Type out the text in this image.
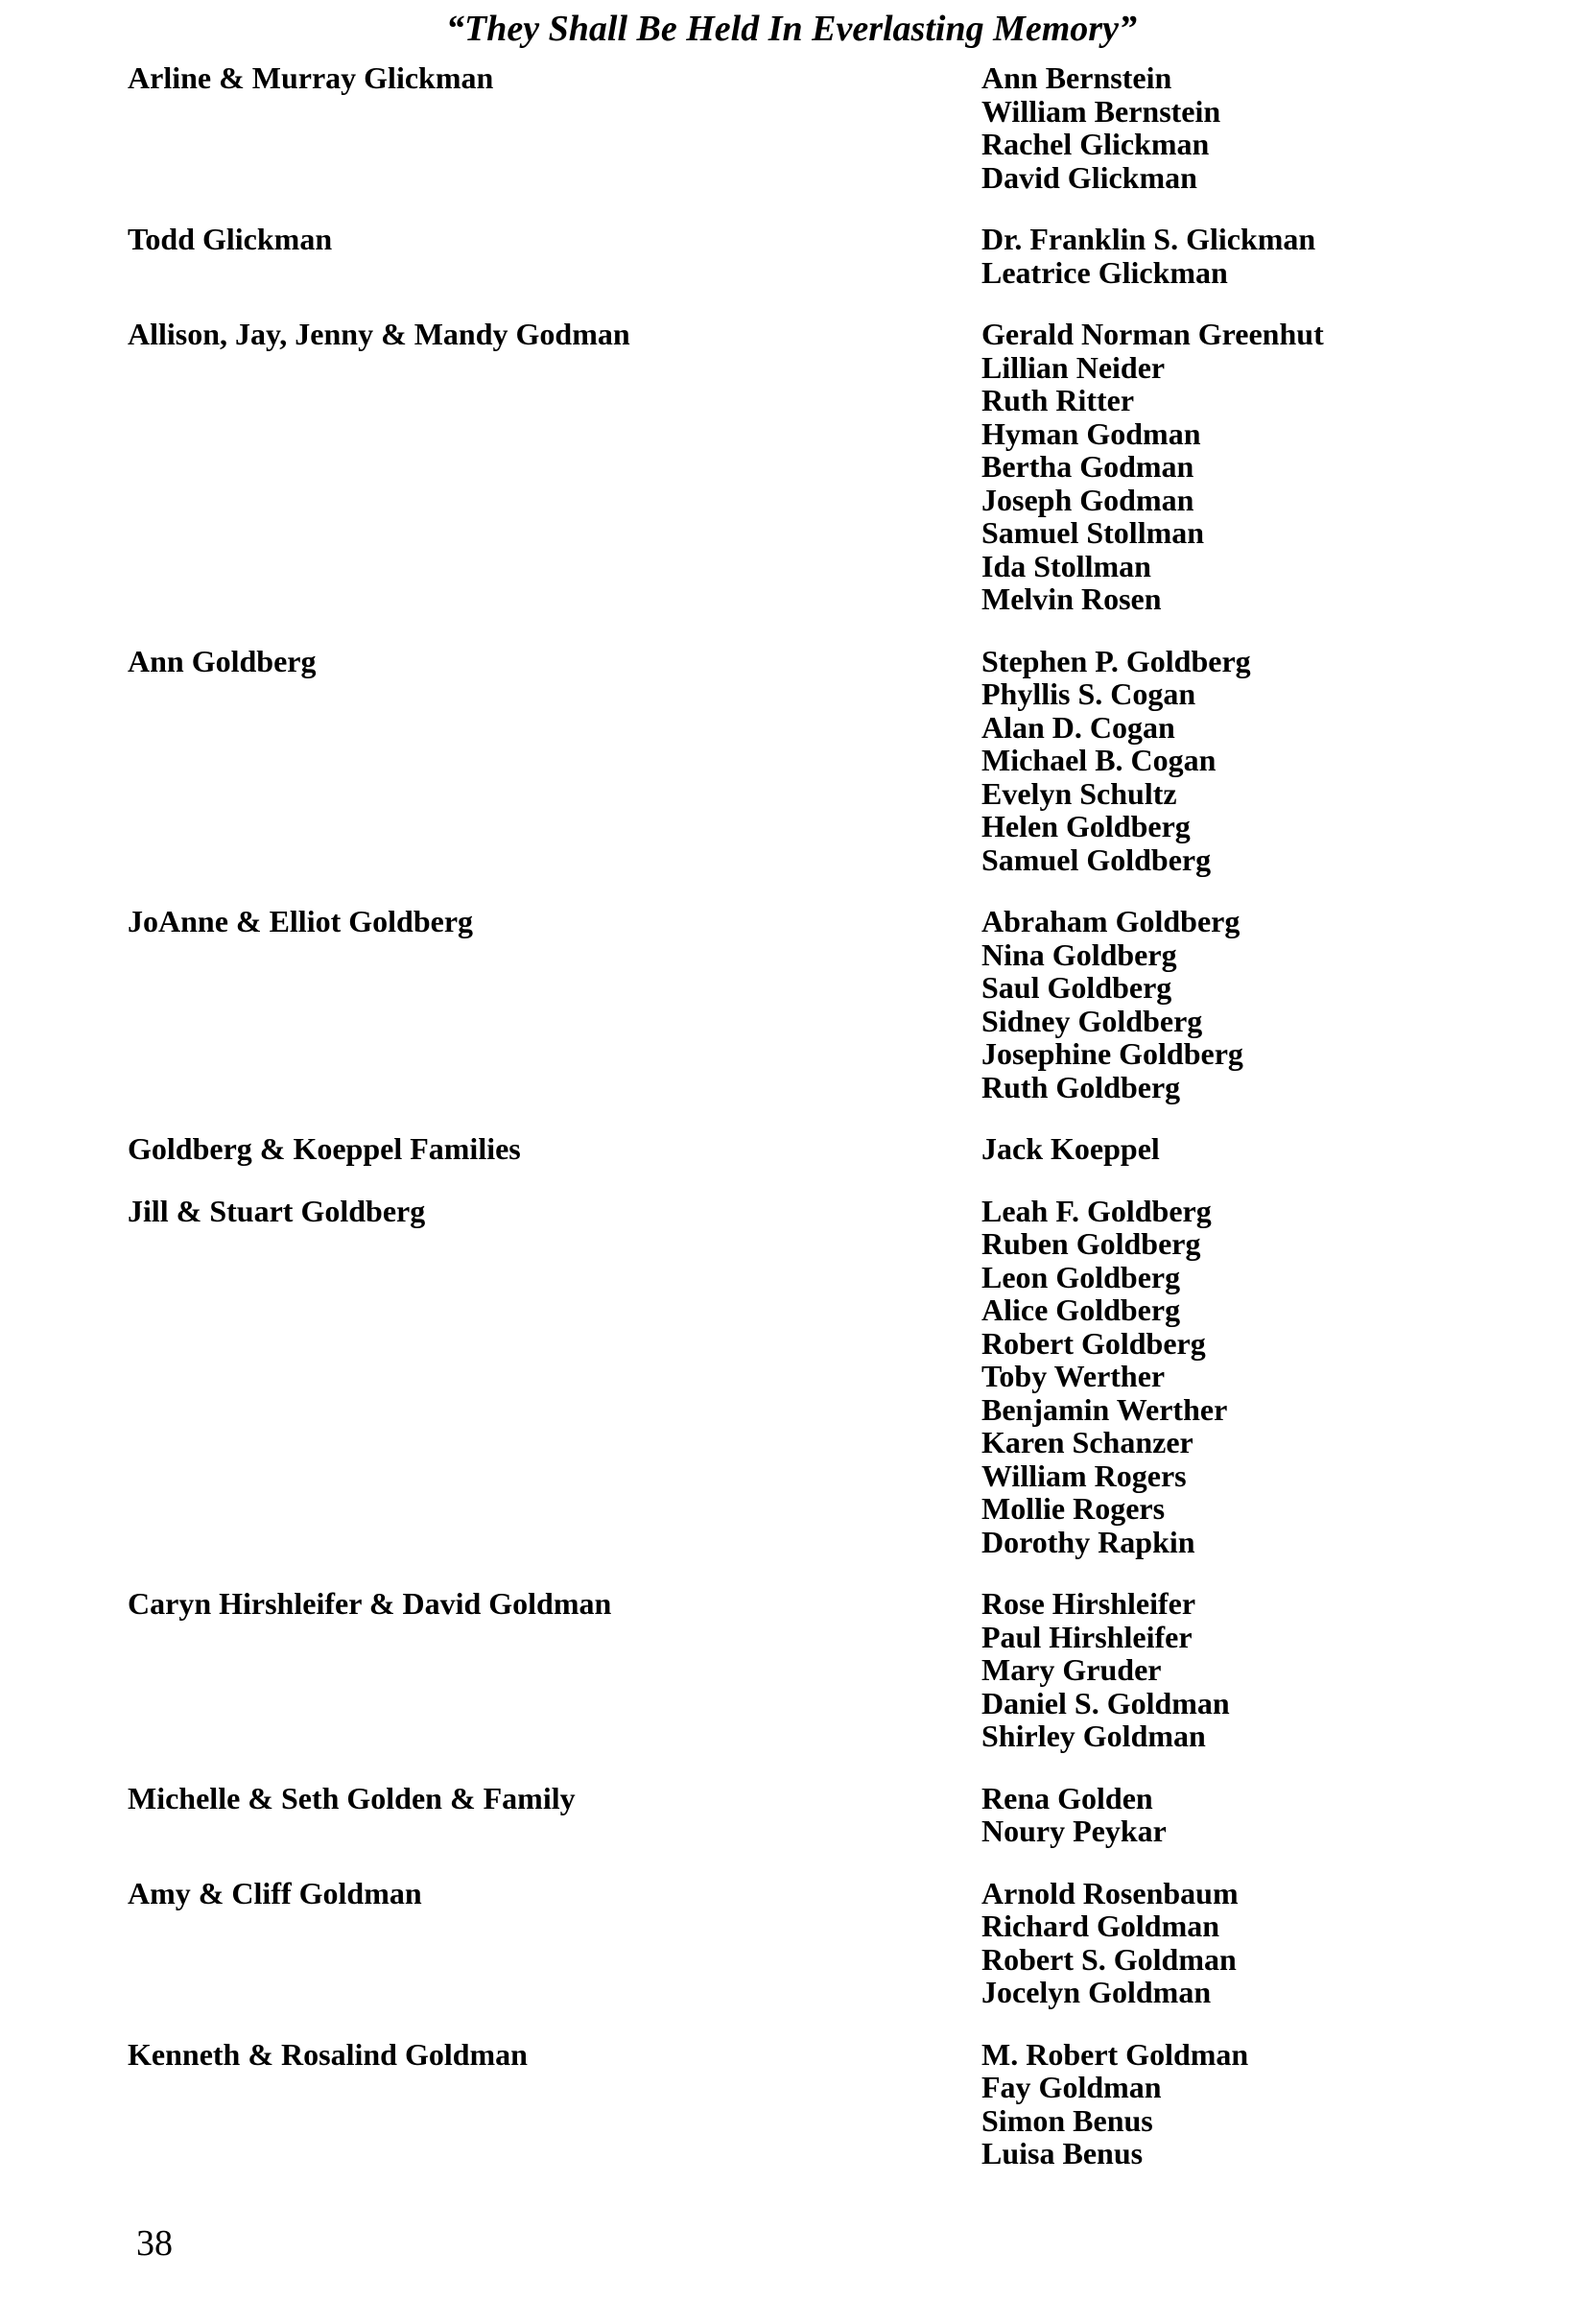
“They Shall Be Held In Everlasting Memory”
Arline & Murray Glickman	Ann Bernstein
William Bernstein
Rachel Glickman
David Glickman
Todd Glickman	Dr. Franklin S. Glickman
Leatrice Glickman
Allison, Jay, Jenny & Mandy Godman	Gerald Norman Greenhut
Lillian Neider
Ruth Ritter
Hyman Godman
Bertha Godman
Joseph Godman
Samuel Stollman
Ida Stollman
Melvin Rosen
Ann Goldberg	Stephen P. Goldberg
Phyllis S. Cogan
Alan D. Cogan
Michael B. Cogan
Evelyn Schultz
Helen Goldberg
Samuel Goldberg
JoAnne & Elliot Goldberg	Abraham Goldberg
Nina Goldberg
Saul Goldberg
Sidney Goldberg
Josephine Goldberg
Ruth Goldberg
Goldberg & Koeppel Families	Jack Koeppel
Jill & Stuart Goldberg	Leah F. Goldberg
Ruben Goldberg
Leon Goldberg
Alice Goldberg
Robert Goldberg
Toby Werther
Benjamin Werther
Karen Schanzer
William Rogers
Mollie Rogers
Dorothy Rapkin
Caryn Hirshleifer & David Goldman	Rose Hirshleifer
Paul Hirshleifer
Mary Gruder
Daniel S. Goldman
Shirley Goldman
Michelle & Seth Golden & Family	Rena Golden
Noury Peykar
Amy & Cliff Goldman	Arnold Rosenbaum
Richard Goldman
Robert S. Goldman
Jocelyn Goldman
Kenneth & Rosalind Goldman	M. Robert Goldman
Fay Goldman
Simon Benus
Luisa Benus
38
